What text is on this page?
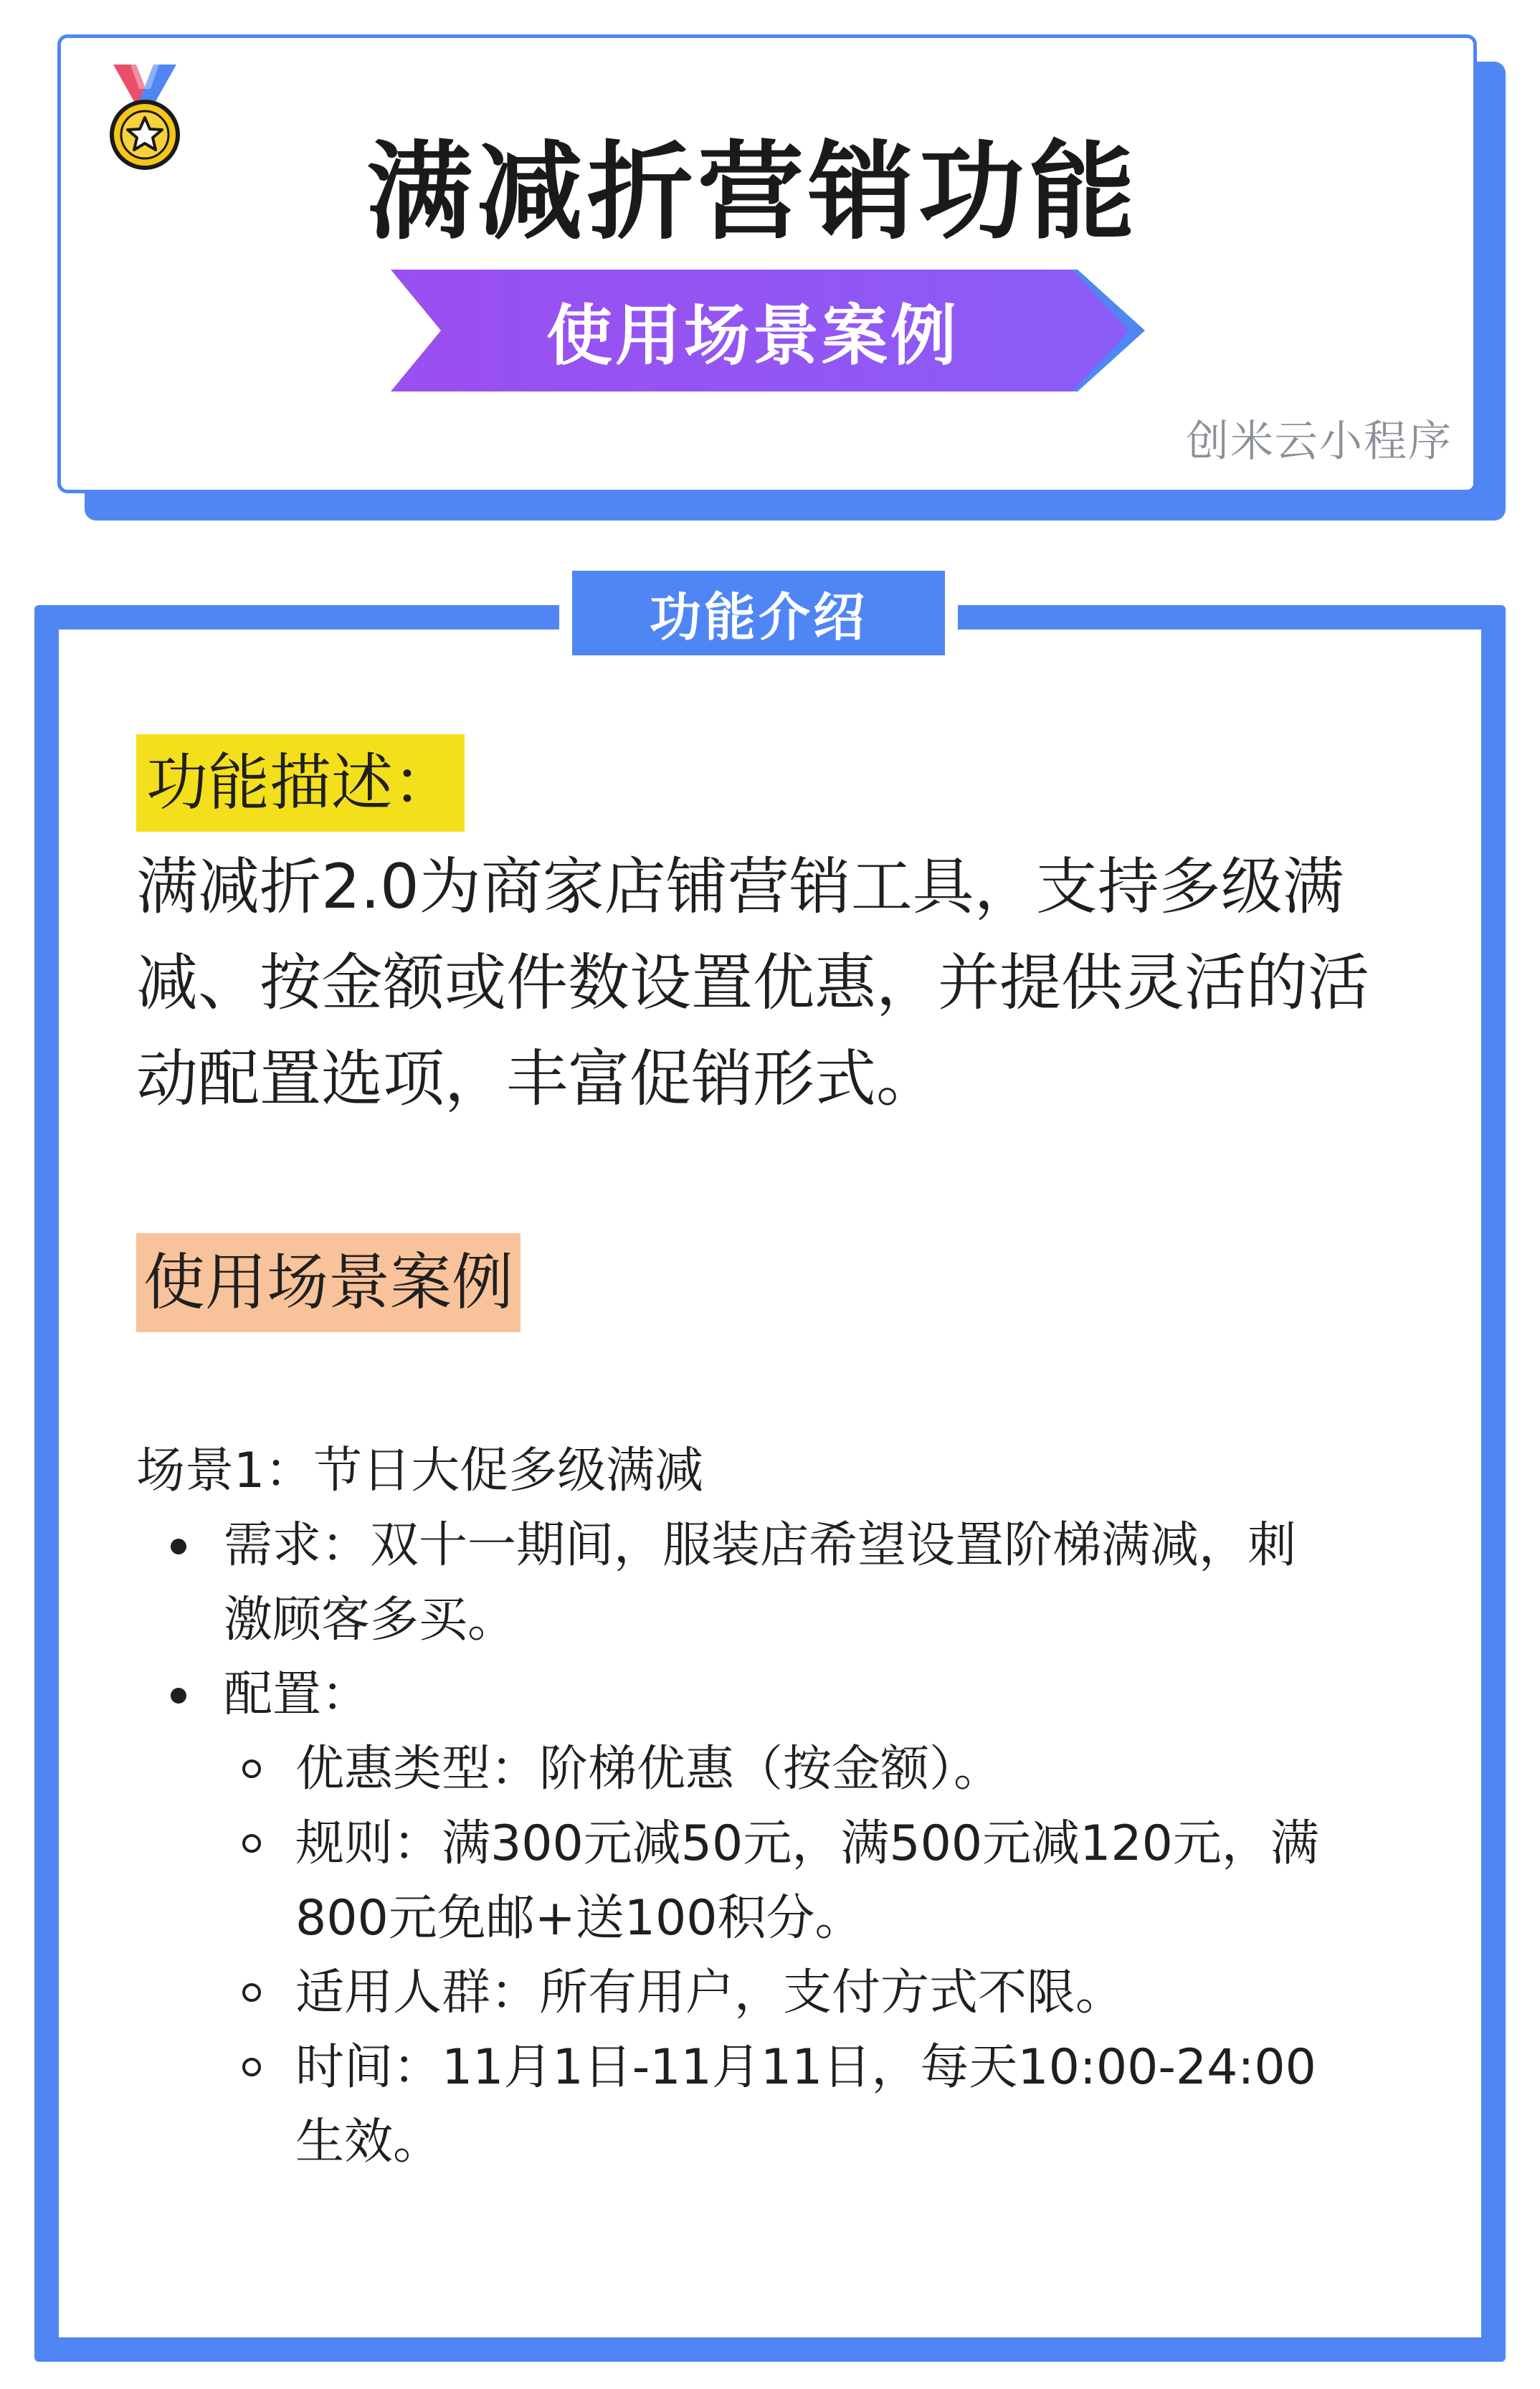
满减折营销功能
使用场景案例
创米云小程序
功能介绍
功能描述：
满减折2.0为商家店铺营销工具，支持多级满减、按金额或件数设置优惠，并提供灵活的活动配置选项，丰富促销形式。
使用场景案例
场景1：节日大促多级满减
需求：双十一期间，服装店希望设置阶梯满减，刺激顾客多买。
配置：
优惠类型：阶梯优惠（按金额）。
规则：满300元减50元，满500元减120元，满800元免邮+送100积分。
适用人群：所有用户，支付方式不限。
时间：11月1日-11月11日，每天10:00-24:00生效。
